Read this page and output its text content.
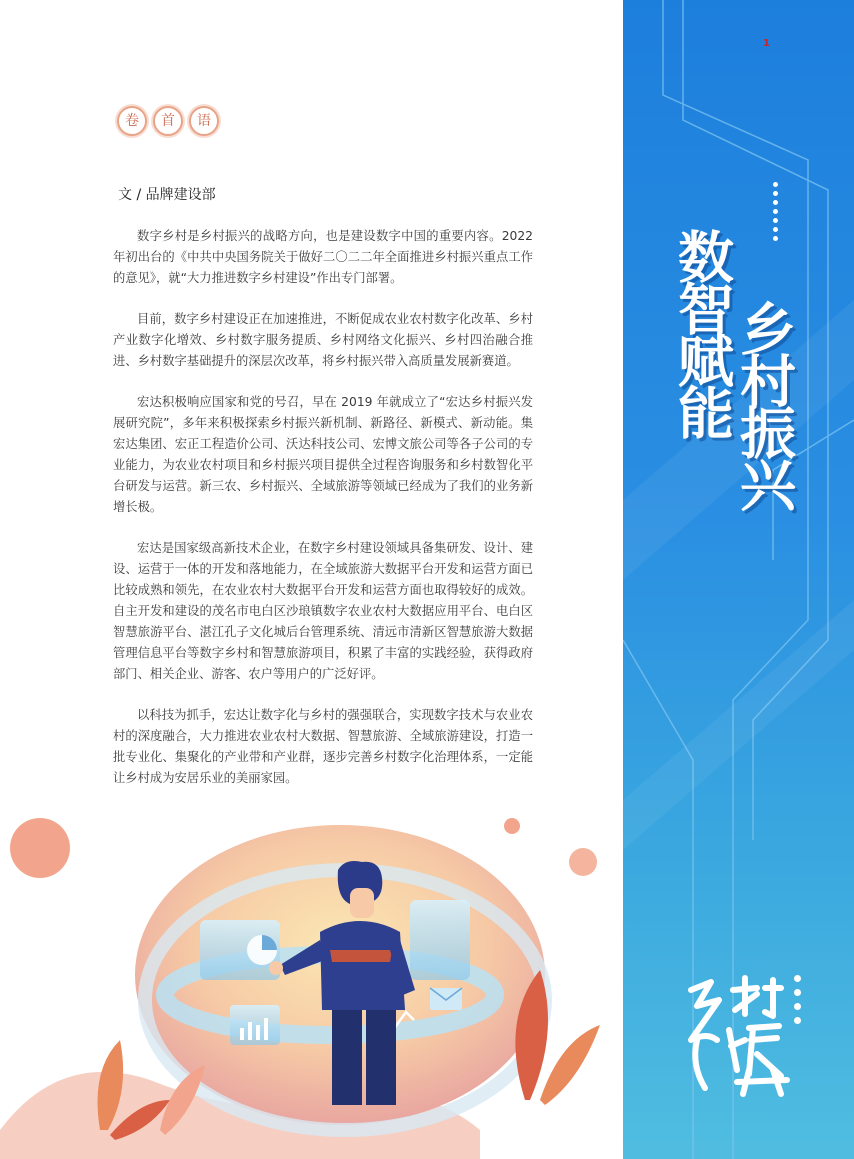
卷	首	语
文 / 品牌建设部

数字乡村是乡村振兴的战略方向，也是建设数字中国的重要内容。2022 年初出台的《中共中央国务院关于做好二〇二二年全面推进乡村振兴重点工作的意见》，就“大力推进数字乡村建设”作出专门部署。

目前，数字乡村建设正在加速推进，不断促成农业农村数字化改革、乡村产业数字化增效、乡村数字服务提质、乡村网络文化振兴、乡村四治融合推进、乡村数字基础提升的深层次改革，将乡村振兴带入高质量发展新赛道。

宏达积极响应国家和党的号召，早在 2019 年就成立了“宏达乡村振兴发展研究院”，多年来积极探索乡村振兴新机制、新路径、新模式、新动能。集宏达集团、宏正工程造价公司、沃达科技公司、宏博文旅公司等各子公司的专业能力，为农业农村项目和乡村振兴项目提供全过程咨询服务和乡村数智化平台研发与运营。新三农、乡村振兴、全域旅游等领域已经成为了我们的业务新增长极。

宏达是国家级高新技术企业，在数字乡村建设领域具备集研发、设计、建设、运营于一体的开发和落地能力，在全域旅游大数据平台开发和运营方面已比较成熟和领先，在农业农村大数据平台开发和运营方面也取得较好的成效。自主开发和建设的茂名市电白区沙琅镇数字农业农村大数据应用平台、电白区智慧旅游平台、湛江孔子文化城后台管理系统、清远市清新区智慧旅游大数据管理信息平台等数字乡村和智慧旅游项目，积累了丰富的实践经验，获得政府部门、相关企业、游客、农户等用户的广泛好评。

以科技为抓手，宏达让数字化与乡村的强强联合，实现数字技术与农业农村的深度融合，大力推进农业农村大数据、智慧旅游、全域旅游建设，打造一批专业化、集聚化的产业带和产业群，逐步完善乡村数字化治理体系，一定能让乡村成为安居乐业的美丽家园。

1
数智赋能
乡村振兴
